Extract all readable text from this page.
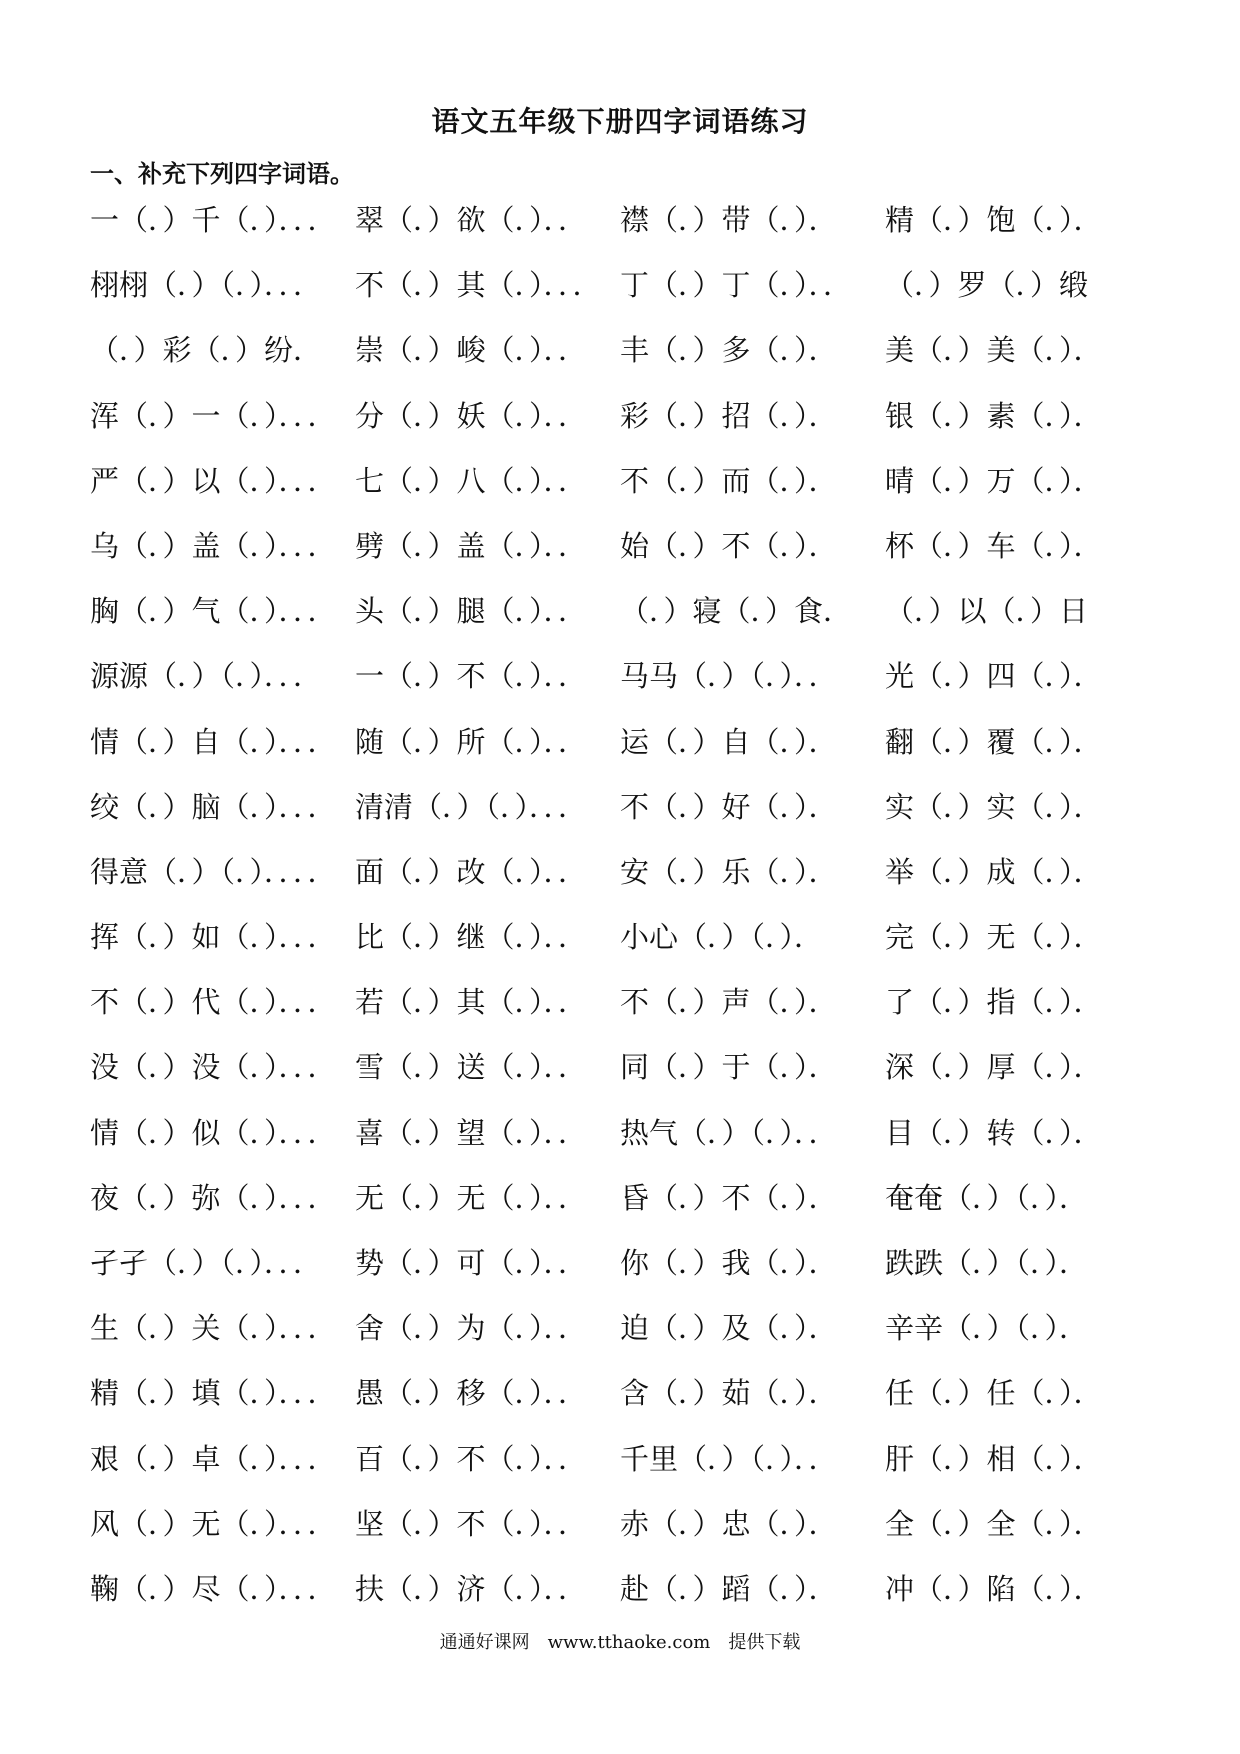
语文五年级下册四字词语练习
一、补充下列四字词语。
一（．）千（．）．．． 翠（．）欲（．）．． 襟（．）带（．）． 精（．）饱（．）．
栩栩（．）（．）．．． 不（．）其（．）．．． 丁（．）丁（．）．． （．）罗（．）缎
（．）彩（．）纷． 崇（．）峻（．）．． 丰（．）多（．）． 美（．）美（．）．
浑（．）一（．）．．． 分（．）妖（．）．． 彩（．）招（．）． 银（．）素（．）．
严（．）以（．）．．． 七（．）八（．）．． 不（．）而（．）． 晴（．）万（．）．
乌（．）盖（．）．．． 劈（．）盖（．）．． 始（．）不（．）． 杯（．）车（．）．
胸（．）气（．）．．． 头（．）腿（．）．． （．）寝（．）食． （．）以（．）日
源源（．）（．）．．． 一（．）不（．）．． 马马（．）（．）．． 光（．）四（．）．
情（．）自（．）．．． 随（．）所（．）．． 运（．）自（．）． 翻（．）覆（．）．
绞（．）脑（．）．．． 清清（．）（．）．．． 不（．）好（．）． 实（．）实（．）．
得意（．）（．）．．．． 面（．）改（．）．． 安（．）乐（．）． 举（．）成（．）．
挥（．）如（．）．．． 比（．）继（．）．． 小心（．）（．）． 完（．）无（．）．
不（．）代（．）．．． 若（．）其（．）．． 不（．）声（．）． 了（．）指（．）．
没（．）没（．）．．． 雪（．）送（．）．． 同（．）于（．）． 深（．）厚（．）．
情（．）似（．）．．． 喜（．）望（．）．． 热气（．）（．）．． 目（．）转（．）．
夜（．）弥（．）．．． 无（．）无（．）．． 昏（．）不（．）． 奄奄（．）（．）．
孑孑（．）（．）．．． 势（．）可（．）．． 你（．）我（．）． 跌跌（．）（．）．
生（．）关（．）．．． 舍（．）为（．）．． 迫（．）及（．）． 辛辛（．）（．）．
精（．）填（．）．．． 愚（．）移（．）．． 含（．）茹（．）． 任（．）任（．）．
艰（．）卓（．）．．． 百（．）不（．）．． 千里（．）（．）．． 肝（．）相（．）．
风（．）无（．）．．． 坚（．）不（．）．． 赤（．）忠（．）． 全（．）全（．）．
鞠（．）尽（．）．．． 扶（．）济（．）．． 赴（．）蹈（．）． 冲（．）陷（．）．
通通好课网　www.tthaoke.com　提供下载
